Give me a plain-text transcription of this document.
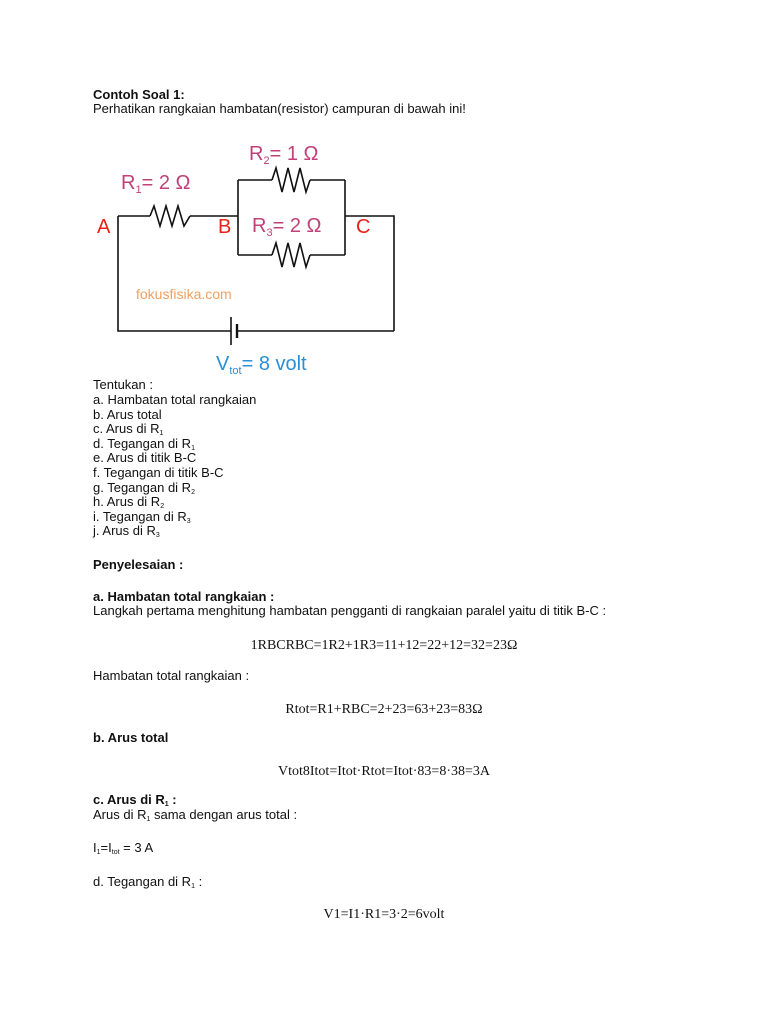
Contoh Soal 1:
Perhatikan rangkaian hambatan(resistor) campuran di bawah ini!
$R_2= 1$ Ω
$R_1= 2$ Ω
$R_3= 2$ Ω
A	B	C
fokusfisika.com
$V_{tot}= 8$ volt
Tentukan :
a. Hambatan total rangkaian
b. Arus total
c. Arus di $R_1$
d. Tegangan di $R_1$
e. Arus di titik B-C
f. Tegangan di titik B-C
g. Tegangan di $R_2$
h. Arus di $R_2$
i. Tegangan di $R_3$
j. Arus di $R_3$
Penyelesaian :
a. Hambatan total rangkaian :
Langkah pertama menghitung hambatan pengganti di rangkaian paralel yaitu di titik B-C :
1RBCRBC=1R2+1R3=11+12=22+12=32=23Ω
Hambatan total rangkaian :
Rtot=R1+RBC=2+23=63+23=83Ω
b. Arus total
Vtot8Itot=Itot·Rtot=Itot·83=8·38=3A
c. Arus di $R_1$ :
Arus di $R_1$ sama dengan arus total :
$I_1=I_{tot} = 3$ A
d. Tegangan di $R_1$ :
V1=I1·R1=3·2=6volt
